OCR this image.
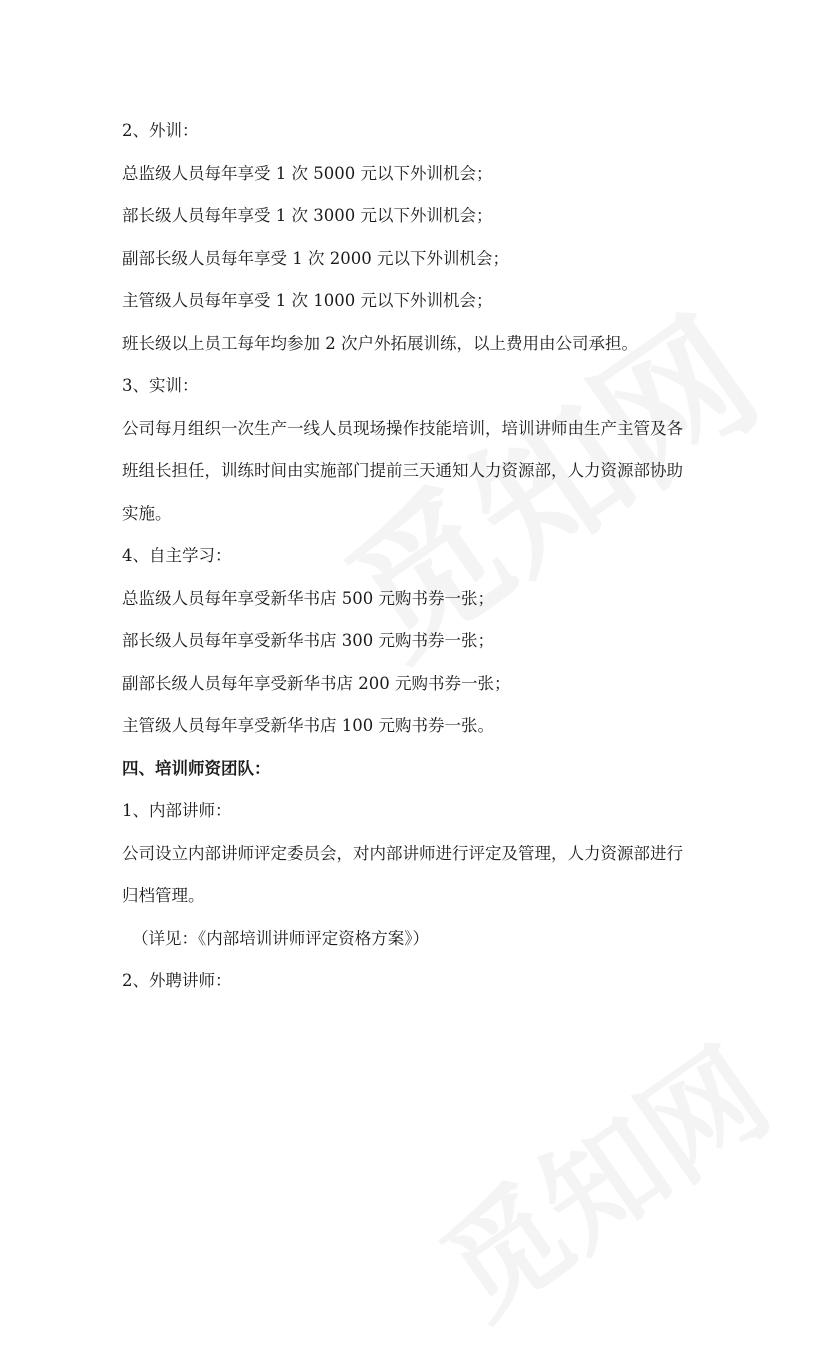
2、外训：

总监级人员每年享受 1 次 5000 元以下外训机会；

部长级人员每年享受 1 次 3000 元以下外训机会；

副部长级人员每年享受 1 次 2000 元以下外训机会；

主管级人员每年享受 1 次 1000 元以下外训机会；

班长级以上员工每年均参加 2 次户外拓展训练，以上费用由公司承担。

3、实训：

公司每月组织一次生产一线人员现场操作技能培训，培训讲师由生产主管及各

班组长担任，训练时间由实施部门提前三天通知人力资源部，人力资源部协助

实施。

4、自主学习：

总监级人员每年享受新华书店 500 元购书券一张；

部长级人员每年享受新华书店 300 元购书券一张；

副部长级人员每年享受新华书店 200 元购书券一张；

主管级人员每年享受新华书店 100 元购书券一张。

四、培训师资团队：

1、内部讲师：

公司设立内部讲师评定委员会，对内部讲师进行评定及管理，人力资源部进行

归档管理。

（详见：《内部培训讲师评定资格方案》）

2、外聘讲师：
